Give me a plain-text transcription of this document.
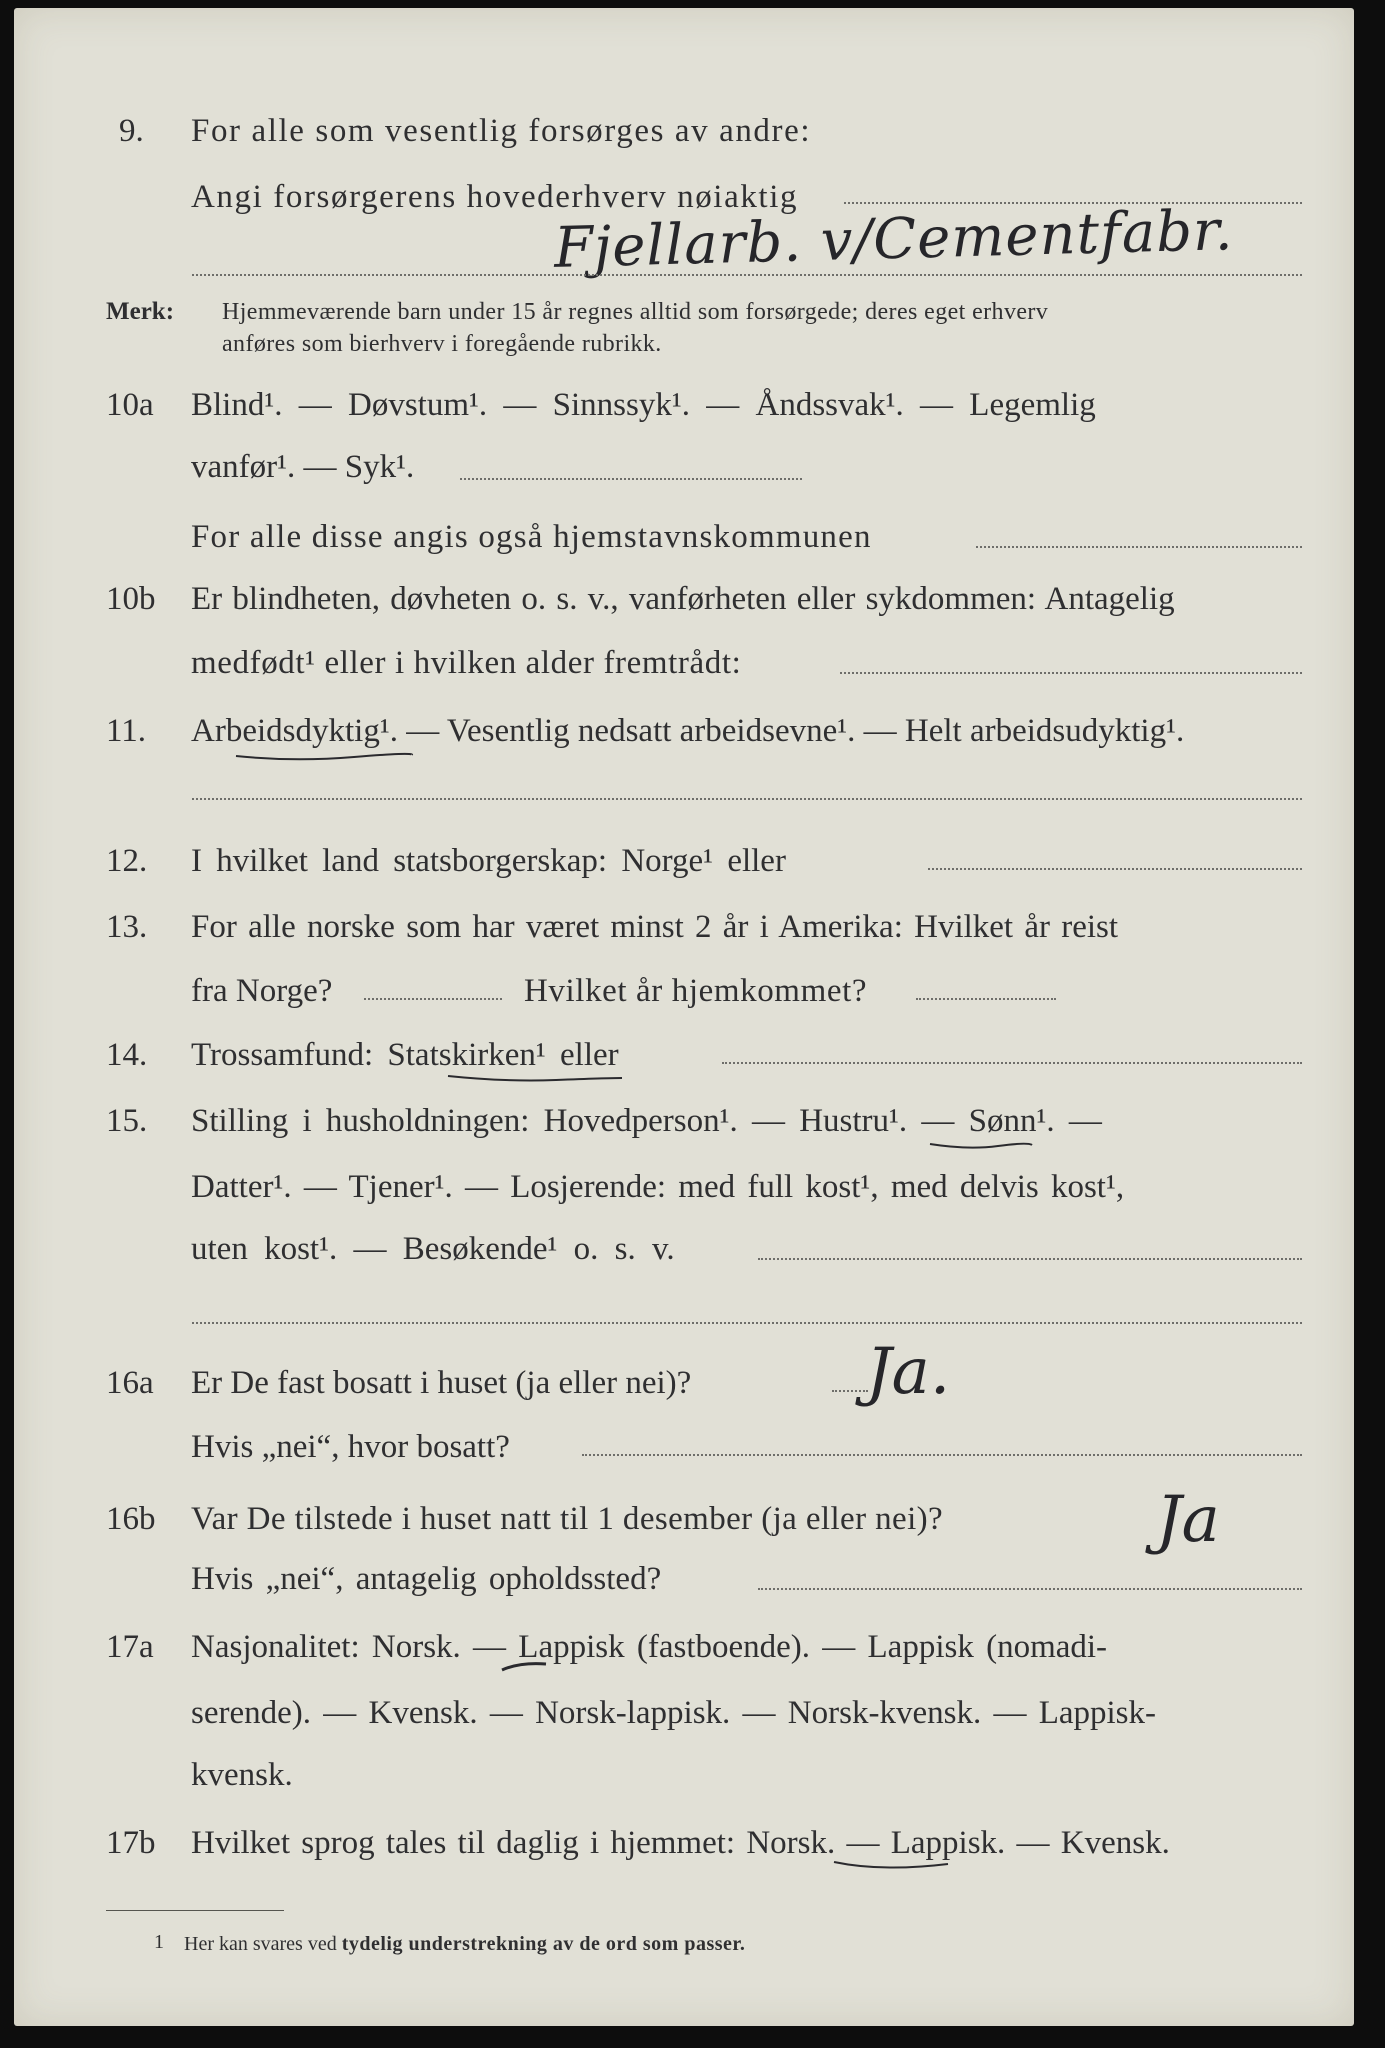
9. For alle som vesentlig forsørges av andre:
Angi forsørgerens hovederhverv nøiaktig
Fjellarb. v/Cementfabr.
Merk: Hjemmeværende barn under 15 år regnes alltid som forsørgede; deres eget erhverv
anføres som bierhverv i foregående rubrikk.
10a Blind¹. — Døvstum¹. — Sinnssyk¹. — Åndssvak¹. — Legemlig
vanfør¹. — Syk¹.
For alle disse angis også hjemstavnskommunen
10b Er blindheten, døvheten o. s. v., vanførheten eller sykdommen: Antagelig
medfødt¹ eller i hvilken alder fremtrådt:
11. Arbeidsdyktig¹. — Vesentlig nedsatt arbeidsevne¹. — Helt arbeidsudyktig¹.
12. I hvilket land statsborgerskap: Norge¹ eller
13. For alle norske som har været minst 2 år i Amerika: Hvilket år reist
fra Norge?	Hvilket år hjemkommet?
14. Trossamfund: Statskirken¹ eller
15. Stilling i husholdningen: Hovedperson¹. — Hustru¹. — Sønn¹. —
Datter¹. — Tjener¹. — Losjerende: med full kost¹, med delvis kost¹,
uten kost¹. — Besøkende¹ o. s. v.
16a Er De fast bosatt i huset (ja eller nei)?	Ja.
Hvis „nei“, hvor bosatt?
16b Var De tilstede i huset natt til 1 desember (ja eller nei)?	Ja
Hvis „nei“, antagelig opholdssted?
17a Nasjonalitet: Norsk. — Lappisk (fastboende). — Lappisk (nomadi-
serende). — Kvensk. — Norsk-lappisk. — Norsk-kvensk. — Lappisk-
kvensk.
17b Hvilket sprog tales til daglig i hjemmet: Norsk. — Lappisk. — Kvensk.
1 Her kan svares ved tydelig understrekning av de ord som passer.
